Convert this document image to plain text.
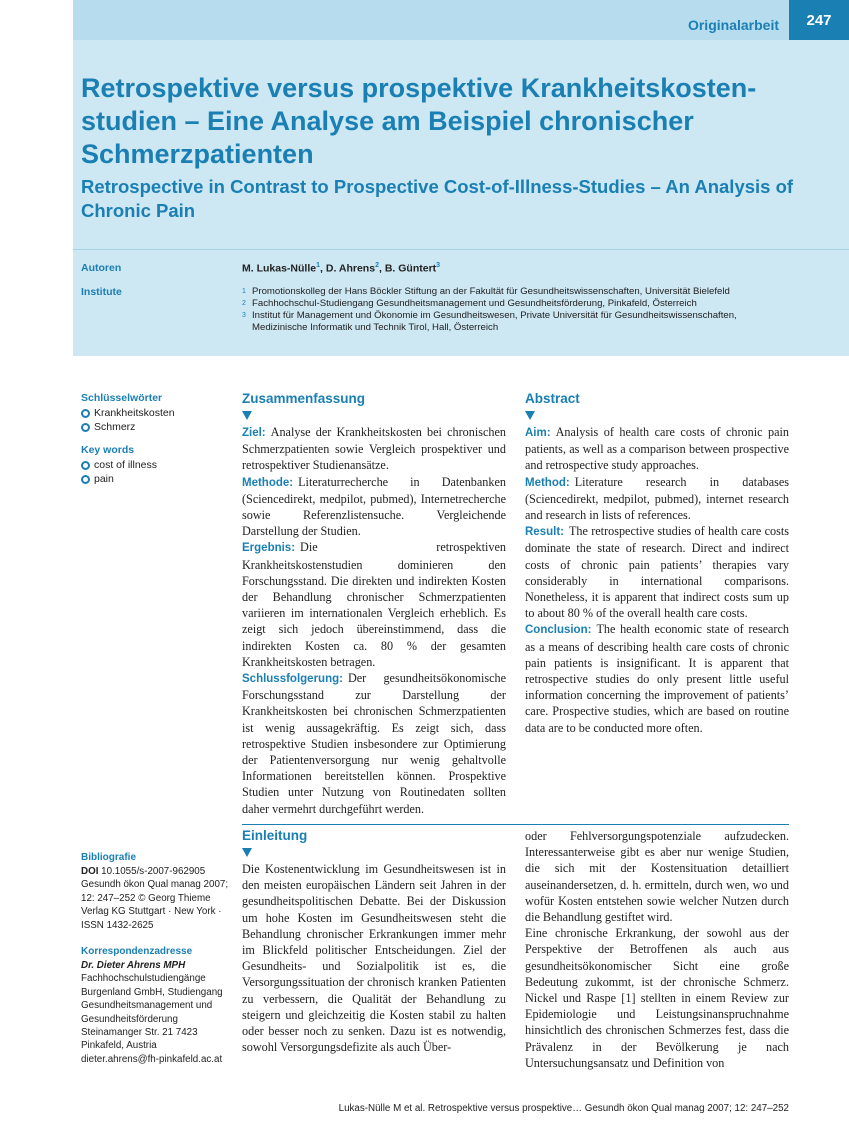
Originalarbeit	247
Retrospektive versus prospektive Krankheitskosten-studien – Eine Analyse am Beispiel chronischer Schmerzpatienten
Retrospective in Contrast to Prospective Cost-of-Illness-Studies – An Analysis of Chronic Pain
Autoren	M. Lukas-Nülle$^1$, D. Ahrens$^2$, B. Güntert$^3$
Institute	1 Promotionskolleg der Hans Böckler Stiftung an der Fakultät für Gesundheitswissenschaften, Universität Bielefeld
2 Fachhochschul-Studiengang Gesundheitsmanagement und Gesundheitsförderung, Pinkafeld, Österreich
3 Institut für Management und Ökonomie im Gesundheitswesen, Private Universität für Gesundheitswissenschaften, Medizinische Informatik und Technik Tirol, Hall, Österreich
Schlüsselwörter
Krankheitskosten
Schmerz
Key words
cost of illness
pain
Zusammenfassung

Ziel: Analyse der Krankheitskosten bei chronischen Schmerzpatienten sowie Vergleich prospektiver und retrospektiver Studienansätze.

Methode: Literaturrecherche in Datenbanken (Sciencedirekt, medpilot, pubmed), Internetrecherche sowie Referenzlistensuche. Vergleichende Darstellung der Studien.

Ergebnis: Die retrospektiven Krankheitskostenstudien dominieren den Forschungsstand. Die direkten und indirekten Kosten der Behandlung chronischer Schmerzpatienten variieren im internationalen Vergleich erheblich. Es zeigt sich jedoch übereinstimmend, dass die indirekten Kosten ca. 80 % der gesamten Krankheitskosten betragen.

Schlussfolgerung: Der gesundheitsökonomische Forschungsstand zur Darstellung der Krankheitskosten bei chronischen Schmerzpatienten ist wenig aussagekräftig. Es zeigt sich, dass retrospektive Studien insbesondere zur Optimierung der Patientenversorgung nur wenig gehaltvolle Informationen bereitstellen können. Prospektive Studien unter Nutzung von Routinedaten sollten daher vermehrt durchgeführt werden.

Abstract

Aim: Analysis of health care costs of chronic pain patients, as well as a comparison between prospective and retrospective study approaches.

Method: Literature research in databases (Sciencedirekt, medpilot, pubmed), internet research and research in lists of references.

Result: The retrospective studies of health care costs dominate the state of research. Direct and indirect costs of chronic pain patients’ therapies vary considerably in international comparisons. Nonetheless, it is apparent that indirect costs sum up to about 80 % of the overall health care costs.

Conclusion: The health economic state of research as a means of describing health care costs of chronic pain patients is insignificant. It is apparent that retrospective studies do only present little useful information concerning the improvement of patients’ care. Prospective studies, which are based on routine data are to be conducted more often.

Einleitung

Die Kostenentwicklung im Gesundheitswesen ist in den meisten europäischen Ländern seit Jahren in der gesundheitspolitischen Debatte. Bei der Diskussion um hohe Kosten im Gesundheitswesen steht die Behandlung chronischer Erkrankungen immer mehr im Blickfeld politischer Entscheidungen. Ziel der Gesundheits- und Sozialpolitik ist es, die Versorgungssituation der chronisch kranken Patienten zu verbessern, die Qualität der Behandlung zu steigern und gleichzeitig die Kosten stabil zu halten oder besser noch zu senken. Dazu ist es notwendig, sowohl Versorgungsdefizite als auch Über-

oder Fehlversorgungspotenziale aufzudecken. Interessanterweise gibt es aber nur wenige Studien, die sich mit der Kostensituation detailliert auseinandersetzen, d. h. ermitteln, durch wen, wo und wofür Kosten entstehen sowie welcher Nutzen durch die Behandlung gestiftet wird.

Eine chronische Erkrankung, der sowohl aus der Perspektive der Betroffenen als auch aus gesundheitsökonomischer Sicht eine große Bedeutung zukommt, ist der chronische Schmerz. Nickel und Raspe [1] stellten in einem Review zur Epidemiologie und Leistungsinanspruchnahme hinsichtlich des chronischen Schmerzes fest, dass die Prävalenz in der Bevölkerung je nach Untersuchungsansatz und Definition von

Bibliografie

DOI 10.1055/s-2007-962905
Gesundh ökon Qual manag 2007; 12: 247–252 © Georg Thieme Verlag KG Stuttgart · New York · ISSN 1432-2625

Korrespondenzadresse

Dr. Dieter Ahrens MPH
Fachhochschulstudiengänge Burgenland GmbH, Studiengang Gesundheitsmanagement und Gesundheitsförderung Steinamanger Str. 21 7423 Pinkafeld, Austria dieter.ahrens@fh-pinkafeld.ac.at

Lukas-Nülle M et al. Retrospektive versus prospektive… Gesundh ökon Qual manag 2007; 12: 247–252
